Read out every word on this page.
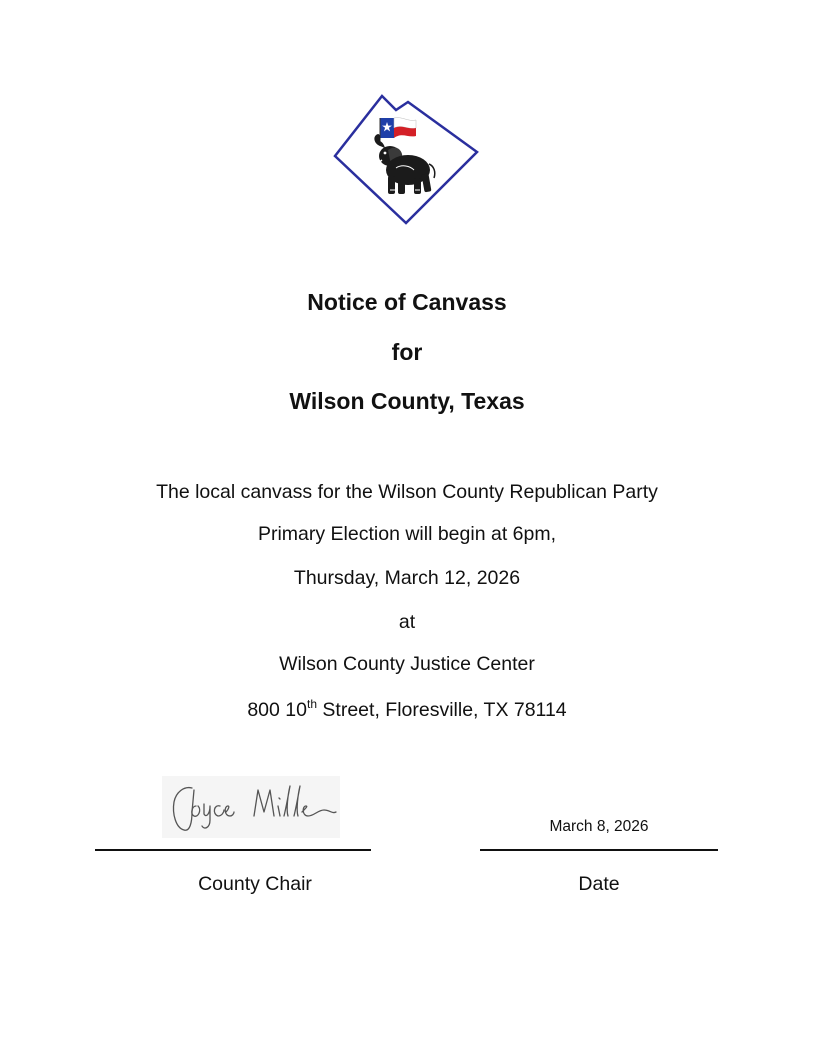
Notice of Canvass
for
Wilson County, Texas
The local canvass for the Wilson County Republican Party
Primary Election will begin at 6pm,
Thursday, March 12, 2026
at
Wilson County Justice Center
800 10th Street, Floresville, TX 78114
March 8, 2026
County Chair	Date
